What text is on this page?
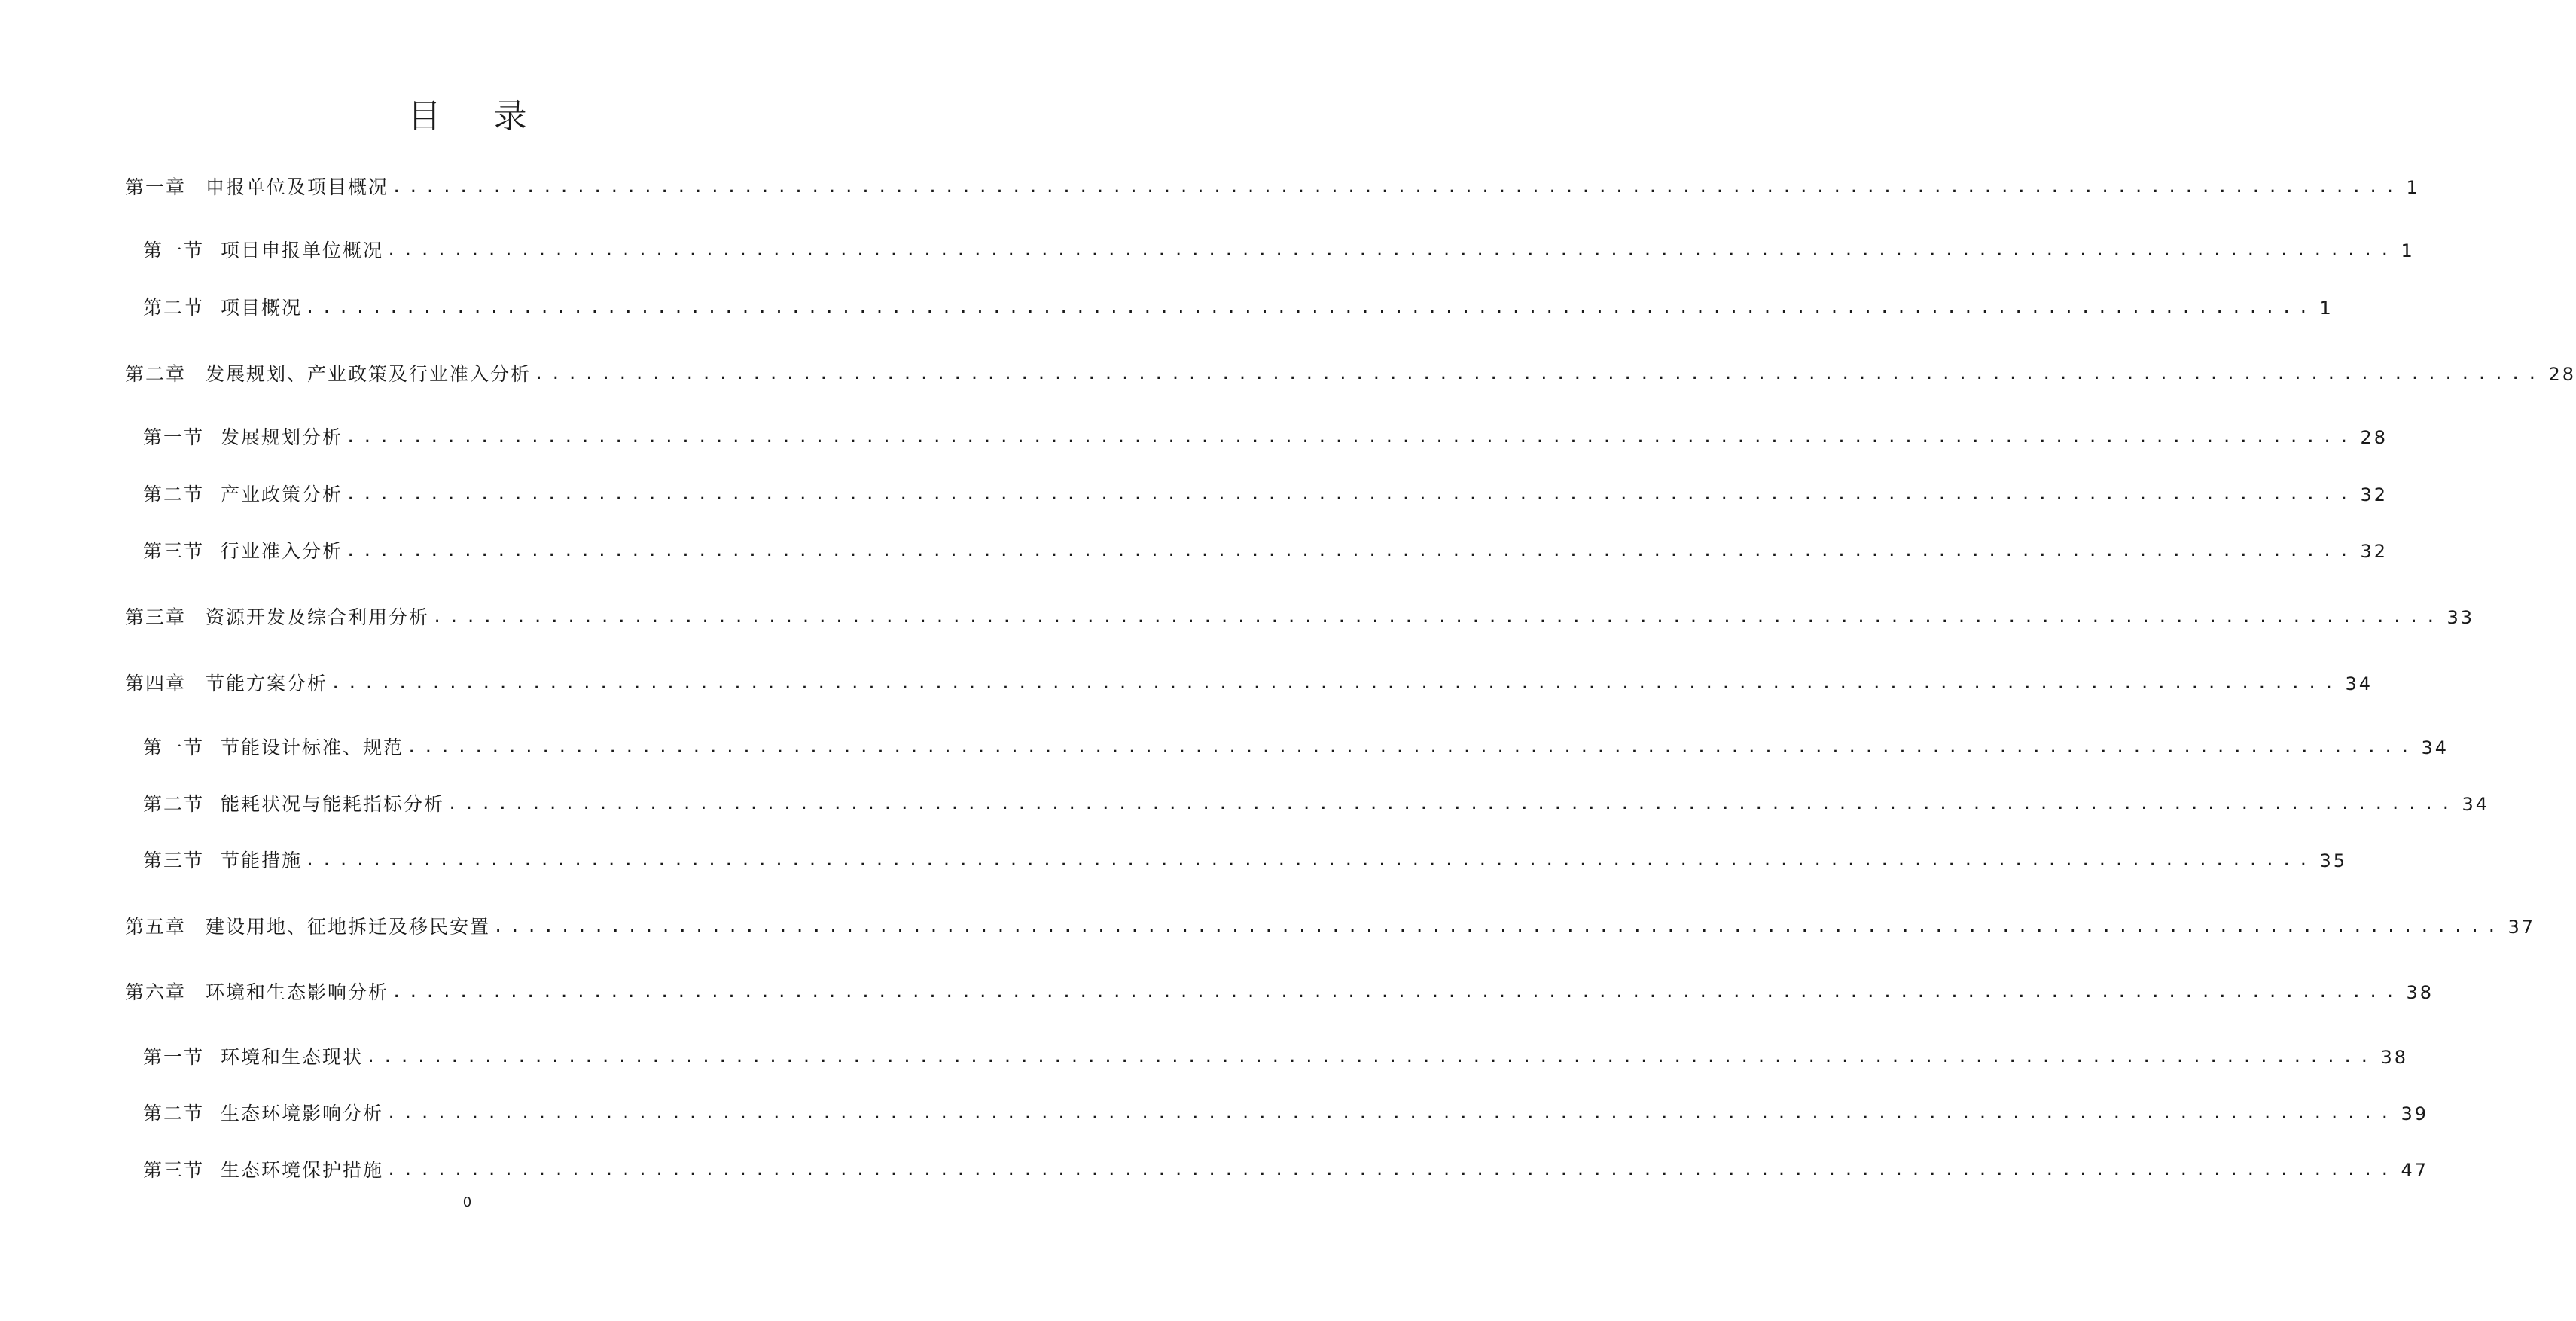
目 录
第一章 申报单位及项目概况 ........................................................................................................................ 1
第一节 项目申报单位概况 ........................................................................................................................ 1
第二节 项目概况 ........................................................................................................................ 1
第二章 发展规划、产业政策及行业准入分析 ........................................................................................................................ 28
第一节 发展规划分析 ........................................................................................................................ 28
第二节 产业政策分析 ........................................................................................................................ 32
第三节 行业准入分析 ........................................................................................................................ 32
第三章 资源开发及综合利用分析 ........................................................................................................................ 33
第四章 节能方案分析 ........................................................................................................................ 34
第一节 节能设计标准、规范 ........................................................................................................................ 34
第二节 能耗状况与能耗指标分析 ........................................................................................................................ 34
第三节 节能措施 ........................................................................................................................ 35
第五章 建设用地、征地拆迁及移民安置 ........................................................................................................................ 37
第六章 环境和生态影响分析 ........................................................................................................................ 38
第一节 环境和生态现状 ........................................................................................................................ 38
第二节 生态环境影响分析 ........................................................................................................................ 39
第三节 生态环境保护措施 ........................................................................................................................ 47
0
